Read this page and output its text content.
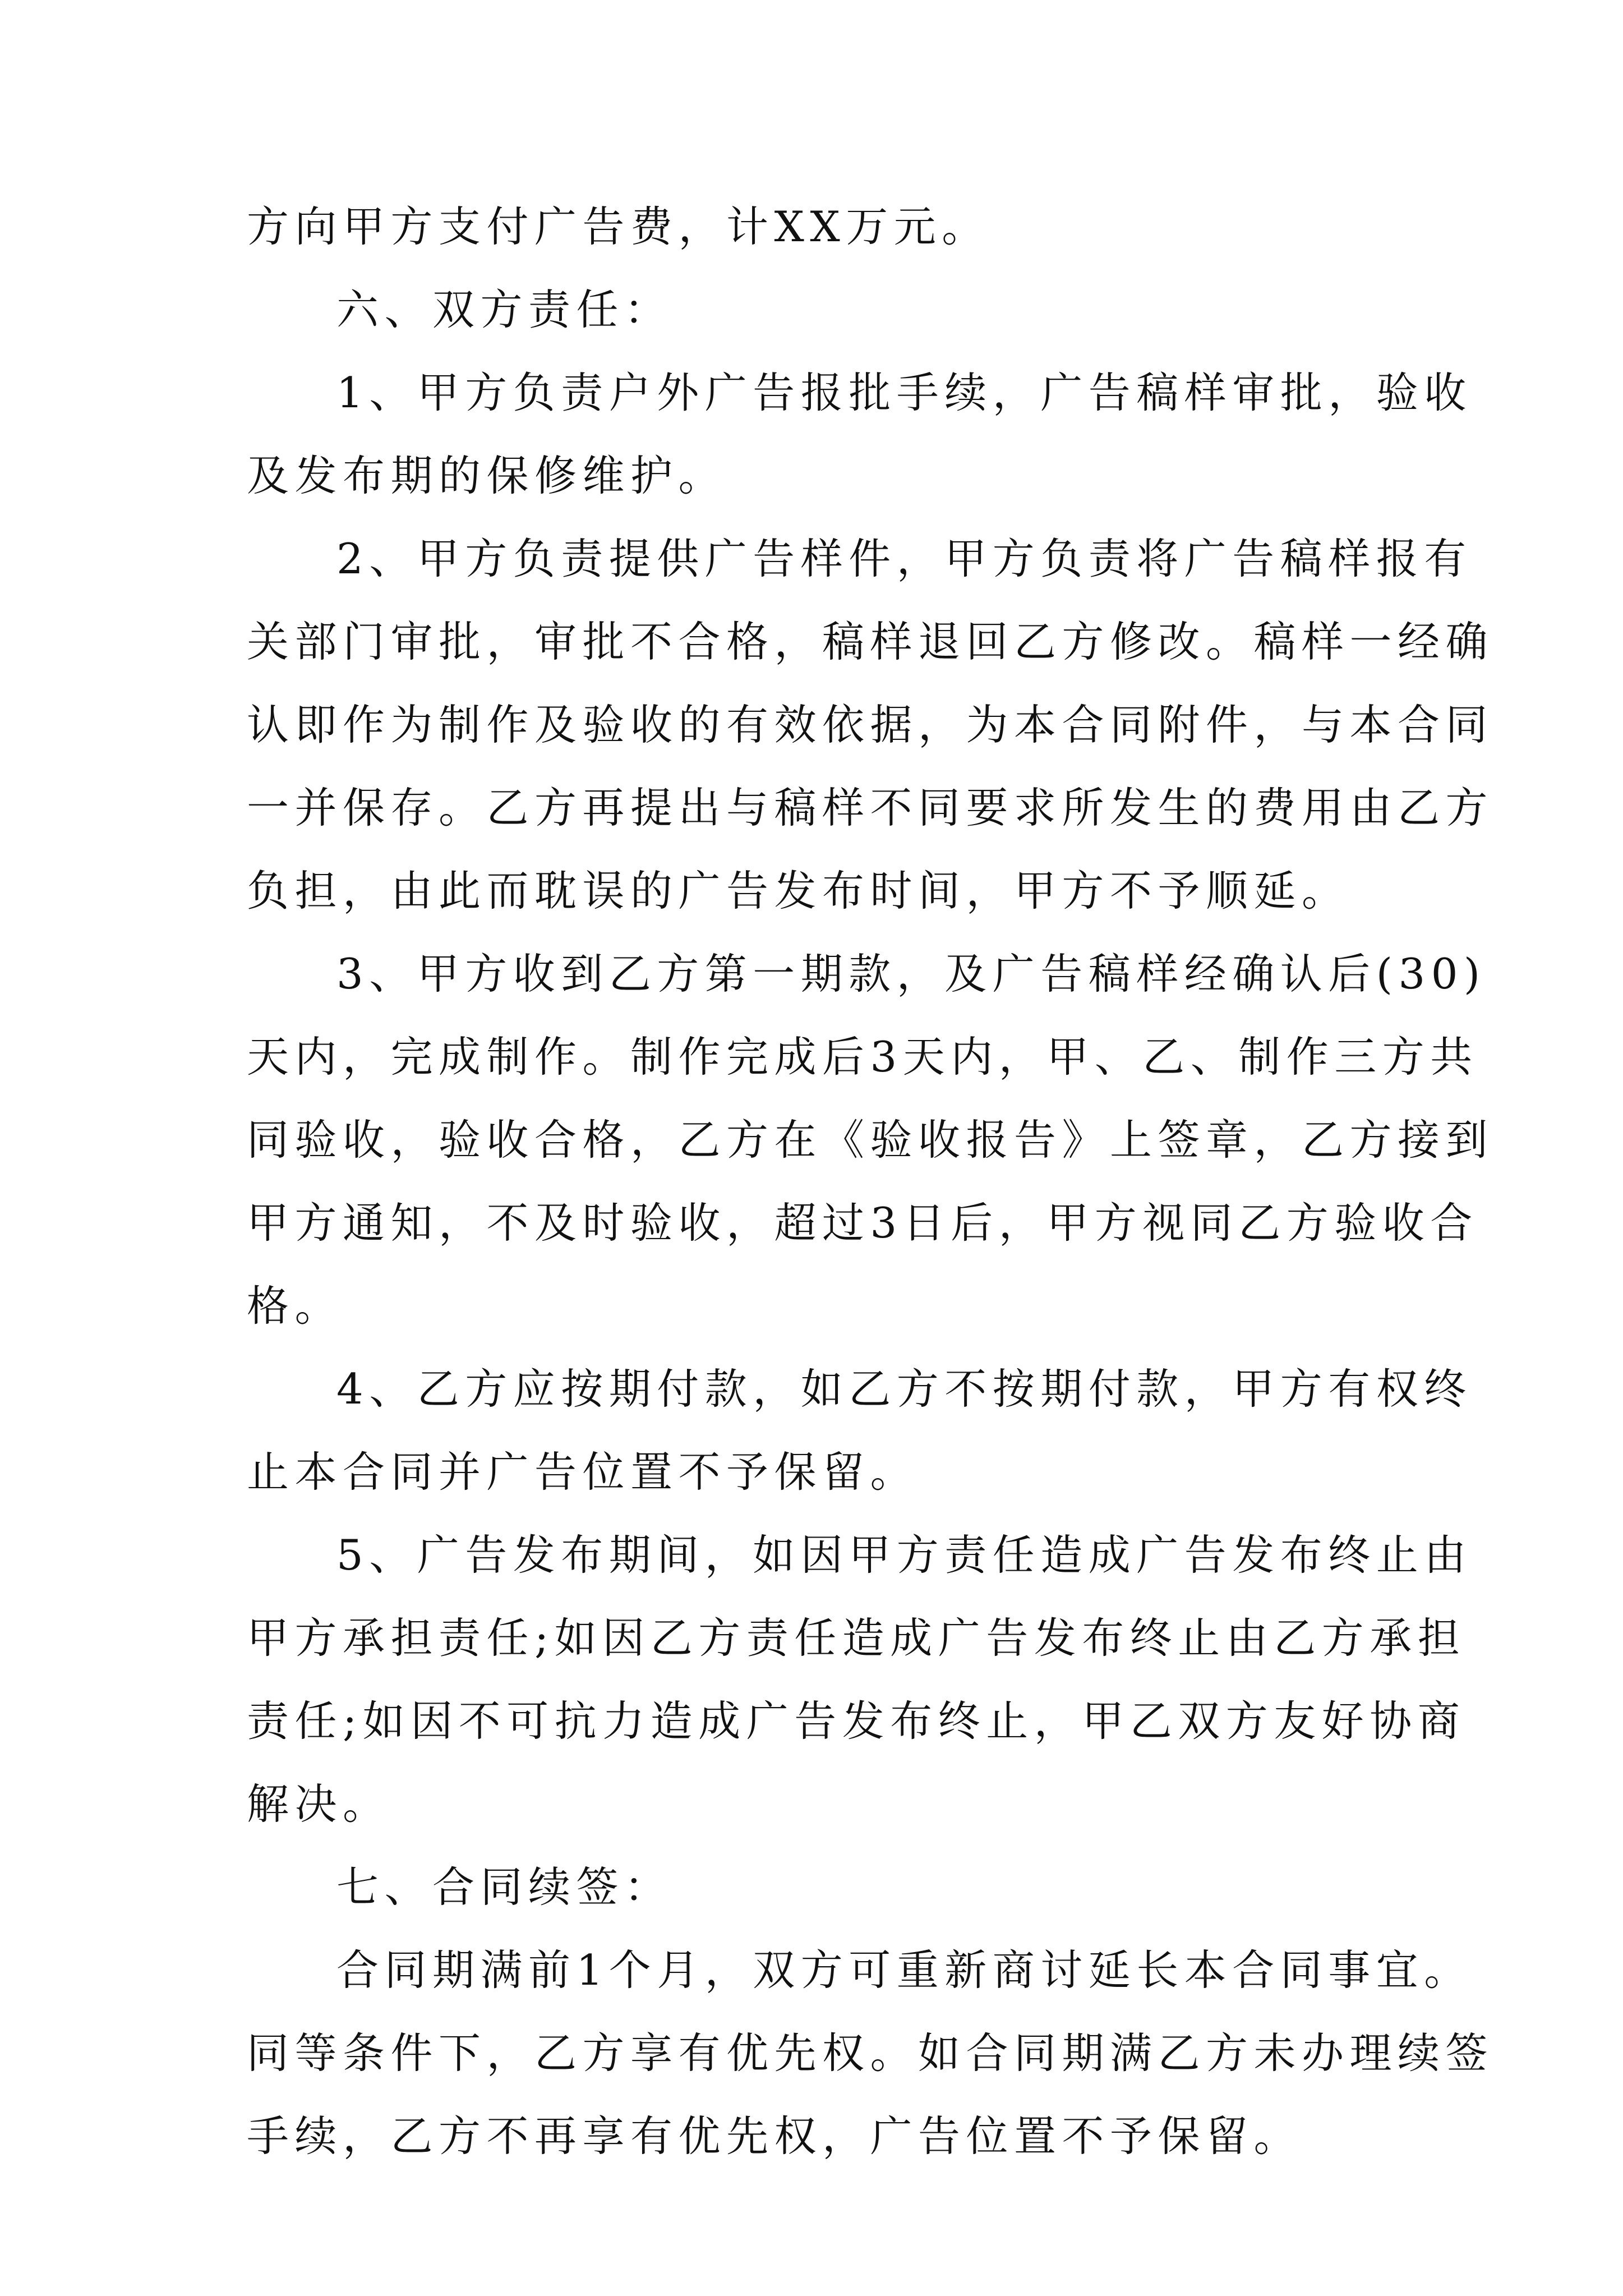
方向甲方支付广告费，计XX万元。
六、双方责任：
1、甲方负责户外广告报批手续，广告稿样审批，验收
及发布期的保修维护。
2、甲方负责提供广告样件，甲方负责将广告稿样报有
关部门审批，审批不合格，稿样退回乙方修改。稿样一经确
认即作为制作及验收的有效依据，为本合同附件，与本合同
一并保存。乙方再提出与稿样不同要求所发生的费用由乙方
负担，由此而耽误的广告发布时间，甲方不予顺延。
3、甲方收到乙方第一期款，及广告稿样经确认后(30)
天内，完成制作。制作完成后3天内，甲、乙、制作三方共
同验收，验收合格，乙方在《验收报告》上签章，乙方接到
甲方通知，不及时验收，超过3日后，甲方视同乙方验收合
格。
4、乙方应按期付款，如乙方不按期付款，甲方有权终
止本合同并广告位置不予保留。
5、广告发布期间，如因甲方责任造成广告发布终止由
甲方承担责任;如因乙方责任造成广告发布终止由乙方承担
责任;如因不可抗力造成广告发布终止，甲乙双方友好协商
解决。
七、合同续签：
合同期满前1个月，双方可重新商讨延长本合同事宜。
同等条件下，乙方享有优先权。如合同期满乙方未办理续签
手续，乙方不再享有优先权，广告位置不予保留。
